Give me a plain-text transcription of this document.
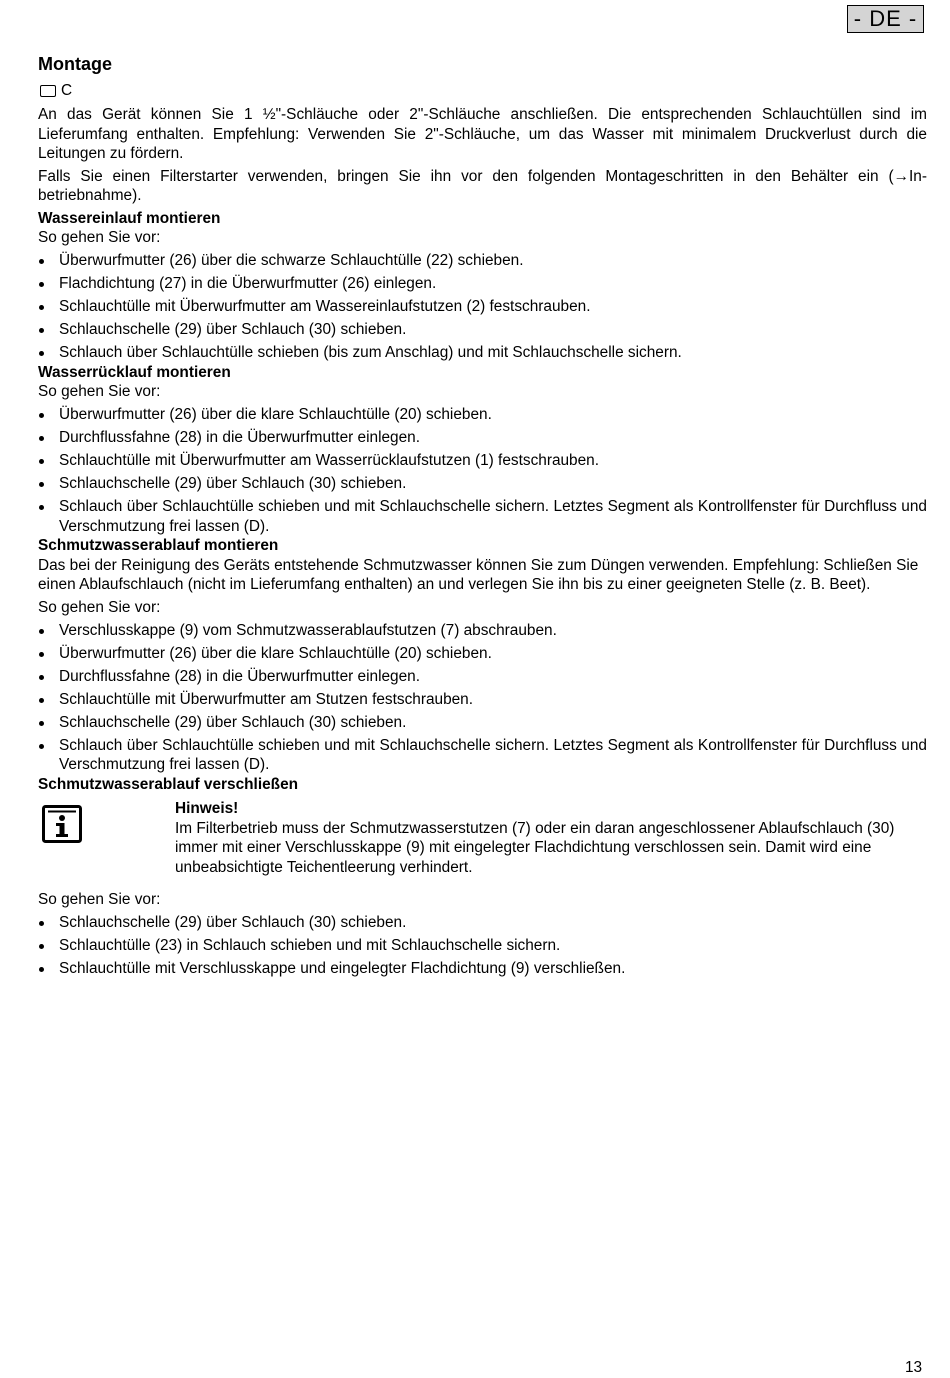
- DE -
Montage
C

An das Gerät können Sie 1 ½"-Schläuche oder 2"-Schläuche anschließen. Die entsprechenden Schlauchtüllen sind im Lieferumfang enthalten. Empfehlung: Verwenden Sie 2"-Schläuche, um das Wasser mit minimalem Druckverlust durch die Leitungen zu fördern.

Falls Sie einen Filterstarter verwenden, bringen Sie ihn vor den folgenden Montageschritten in den Behälter ein (→Inbetriebnahme).

Wassereinlauf montieren

So gehen Sie vor:

Überwurfmutter (26) über die schwarze Schlauchtülle (22) schieben.
Flachdichtung (27) in die Überwurfmutter (26) einlegen.
Schlauchtülle mit Überwurfmutter am Wassereinlaufstutzen (2) festschrauben.
Schlauchschelle (29) über Schlauch (30) schieben.
Schlauch über Schlauchtülle schieben (bis zum Anschlag) und mit Schlauchschelle sichern.
Wasserrücklauf montieren

So gehen Sie vor:

Überwurfmutter (26) über die klare Schlauchtülle (20) schieben.
Durchflussfahne (28) in die Überwurfmutter einlegen.
Schlauchtülle mit Überwurfmutter am Wasserrücklaufstutzen (1) festschrauben.
Schlauchschelle (29) über Schlauch (30) schieben.
Schlauch über Schlauchtülle schieben und mit Schlauchschelle sichern. Letztes Segment als Kontrollfenster für Durchfluss und Verschmutzung frei lassen (D).
Schmutzwasserablauf montieren

Das bei der Reinigung des Geräts entstehende Schmutzwasser können Sie zum Düngen verwenden. Empfehlung: Schließen Sie einen Ablaufschlauch (nicht im Lieferumfang enthalten) an und verlegen Sie ihn bis zu einer geeigneten Stelle (z. B. Beet).

So gehen Sie vor:

Verschlusskappe (9) vom Schmutzwasserablaufstutzen (7) abschrauben.
Überwurfmutter (26) über die klare Schlauchtülle (20) schieben.
Durchflussfahne (28) in die Überwurfmutter einlegen.
Schlauchtülle mit Überwurfmutter am Stutzen festschrauben.
Schlauchschelle (29) über Schlauch (30) schieben.
Schlauch über Schlauchtülle schieben und mit Schlauchschelle sichern. Letztes Segment als Kontrollfenster für Durchfluss und Verschmutzung frei lassen (D).
Schmutzwasserablauf verschließen

Hinweis!

Im Filterbetrieb muss der Schmutzwasserstutzen (7) oder ein daran angeschlossener Ablaufschlauch (30) immer mit einer Verschlusskappe (9) mit eingelegter Flachdichtung verschlossen sein. Damit wird eine unbeabsichtigte Teichentleerung verhindert.

So gehen Sie vor:

Schlauchschelle (29) über Schlauch (30) schieben.
Schlauchtülle (23) in Schlauch schieben und mit Schlauchschelle sichern.
Schlauchtülle mit Verschlusskappe und eingelegter Flachdichtung (9) verschließen.
13
